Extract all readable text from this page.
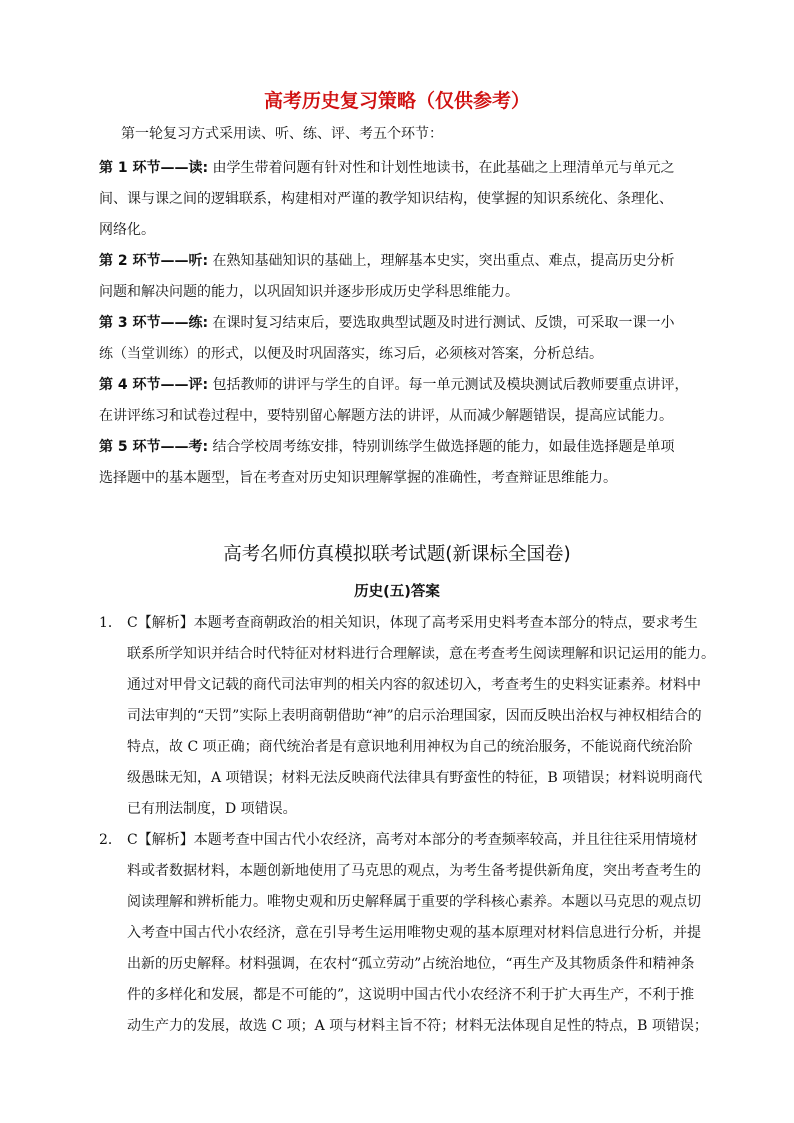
高考历史复习策略（仅供参考）
第一轮复习方式采用读、听、练、评、考五个环节：

第 1 环节——读: 由学生带着问题有针对性和计划性地读书，在此基础之上理清单元与单元之
间、课与课之间的逻辑联系，构建相对严谨的教学知识结构，使掌握的知识系统化、条理化、
网络化。

第 2 环节——听: 在熟知基础知识的基础上，理解基本史实，突出重点、难点，提高历史分析
问题和解决问题的能力，以巩固知识并逐步形成历史学科思维能力。

第 3 环节——练: 在课时复习结束后，要选取典型试题及时进行测试、反馈，可采取一课一小
练（当堂训练）的形式，以便及时巩固落实，练习后，必须核对答案，分析总结。

第 4 环节——评: 包括教师的讲评与学生的自评。每一单元测试及模块测试后教师要重点讲评，
在讲评练习和试卷过程中，要特别留心解题方法的讲评，从而减少解题错误，提高应试能力。

第 5 环节——考: 结合学校周考练安排，特别训练学生做选择题的能力，如最佳选择题是单项
选择题中的基本题型，旨在考查对历史知识理解掌握的准确性，考查辩证思维能力。

高考名师仿真模拟联考试题(新课标全国卷)
历史(五)答案
1． C【解析】本题考查商朝政治的相关知识，体现了高考采用史料考查本部分的特点，要求考生
联系所学知识并结合时代特征对材料进行合理解读，意在考查考生阅读理解和识记运用的能力。
通过对甲骨文记载的商代司法审判的相关内容的叙述切入，考查考生的史料实证素养。材料中
司法审判的“天罚”实际上表明商朝借助“神”的启示治理国家，因而反映出治权与神权相结合的
特点，故 C 项正确；商代统治者是有意识地利用神权为自己的统治服务，不能说商代统治阶
级愚昧无知，A 项错误；材料无法反映商代法律具有野蛮性的特征，B 项错误；材料说明商代
已有刑法制度，D 项错误。
2． C【解析】本题考查中国古代小农经济，高考对本部分的考查频率较高，并且往往采用情境材
料或者数据材料，本题创新地使用了马克思的观点，为考生备考提供新角度，突出考查考生的
阅读理解和辨析能力。唯物史观和历史解释属于重要的学科核心素养。本题以马克思的观点切
入考查中国古代小农经济，意在引导考生运用唯物史观的基本原理对材料信息进行分析，并提
出新的历史解释。材料强调，在农村“孤立劳动”占统治地位，“再生产及其物质条件和精神条
件的多样化和发展，都是不可能的”，这说明中国古代小农经济不利于扩大再生产，不利于推
动生产力的发展，故选 C 项；A 项与材料主旨不符；材料无法体现自足性的特点，B 项错误；
